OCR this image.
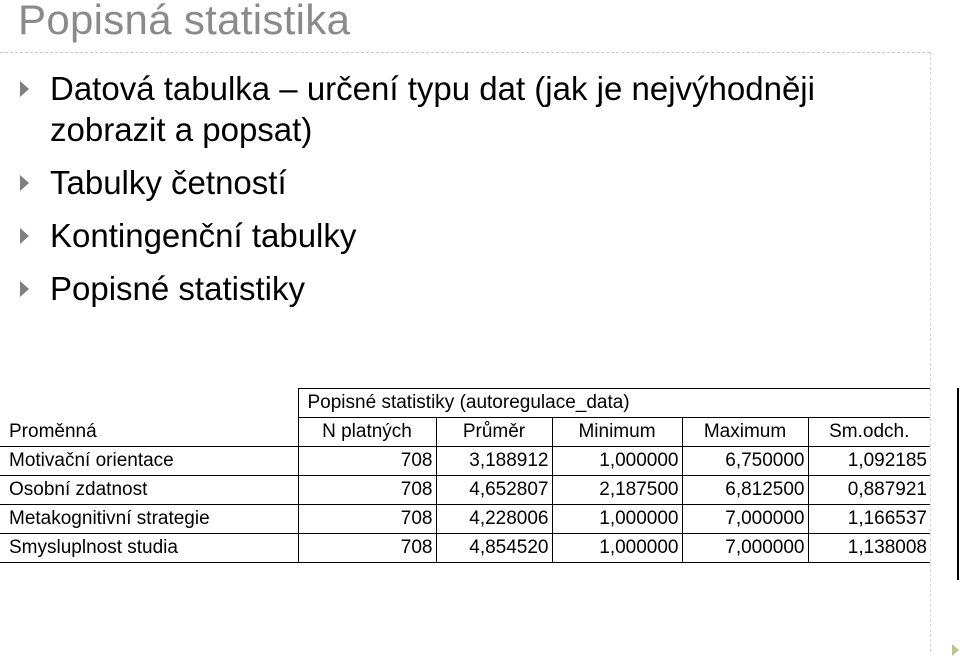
Popisná statistika
Datová tabulka – určení typu dat (jak je nejvýhodněji zobrazit a popsat)
Tabulky četností
Kontingenční tabulky
Popisné statistiky
	Popisné statistiky (autoregulace_data)				
Proměnná	N platných	Průměr	Minimum	Maximum	Sm.odch.
Motivační orientace	708	3,188912	1,000000	6,750000	1,092185
Osobní zdatnost	708	4,652807	2,187500	6,812500	0,887921
Metakognitivní strategie	708	4,228006	1,000000	7,000000	1,166537
Smysluplnost studia	708	4,854520	1,000000	7,000000	1,138008
